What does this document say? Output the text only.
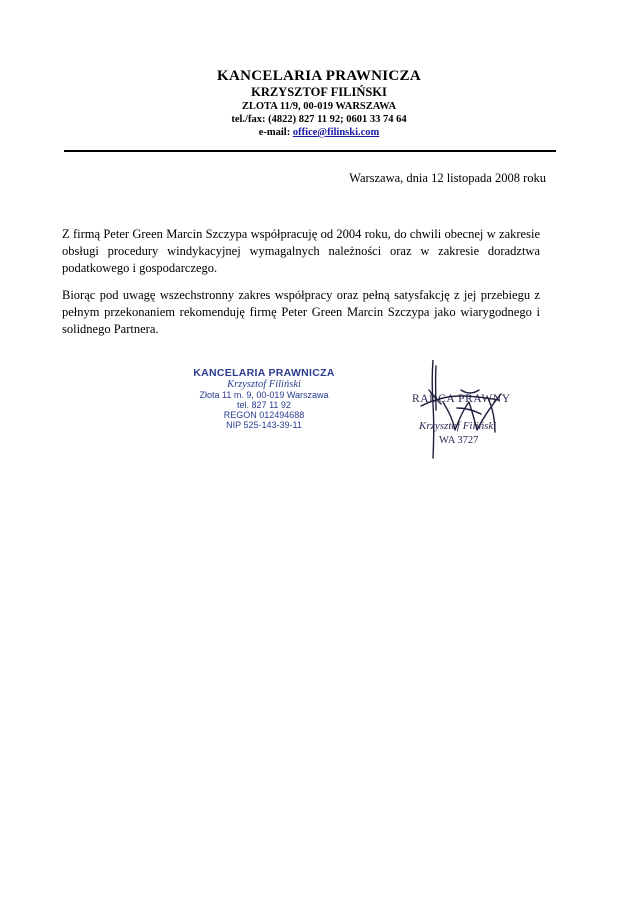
KANCELARIA PRAWNICZA
KRZYSZTOF FILIŃSKI
ZLOTA 11/9, 00-019 WARSZAWA
tel./fax: (4822) 827 11 92; 0601 33 74 64
e-mail: office@filinski.com
Warszawa, dnia 12 listopada 2008 roku

Z firmą Peter Green Marcin Szczypa współpracuję od 2004 roku, do chwili obecnej w zakresie obsługi procedury windykacyjnej wymagalnych należności oraz w zakresie doradztwa podatkowego i gospodarczego.

Biorąc pod uwagę wszechstronny zakres współpracy oraz pełną satysfakcję z jej przebiegu z pełnym przekonaniem rekomenduję firmę Peter Green Marcin Szczypa jako wiarygodnego i solidnego Partnera.

KANCELARIA PRAWNICZA
Krzysztof Filiński
Złota 11 m. 9, 00-019 Warszawa
tel. 827 11 92
REGON 012494688
NIP 525-143-39-11
RADCA PRAWNY
Krzysztof Filiński
WA 3727
